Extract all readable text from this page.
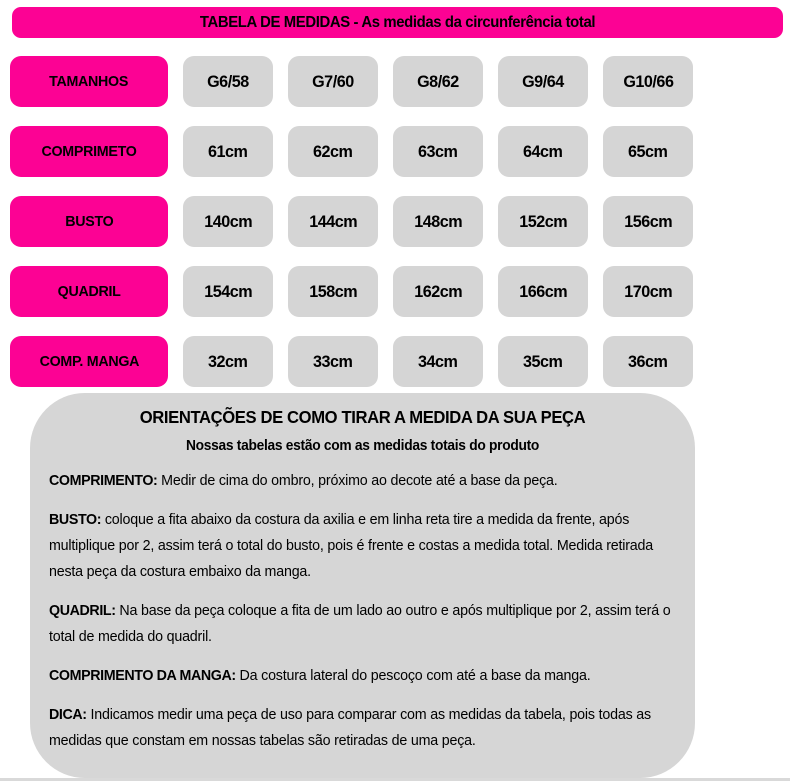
TABELA DE MEDIDAS - As medidas da circunferência total
TAMANHOS	G6/58	G7/60	G8/62	G9/64	G10/66
COMPRIMETO	61cm	62cm	63cm	64cm	65cm
BUSTO	140cm	144cm	148cm	152cm	156cm
QUADRIL	154cm	158cm	162cm	166cm	170cm
COMP. MANGA	32cm	33cm	34cm	35cm	36cm
ORIENTAÇÕES DE COMO TIRAR A MEDIDA DA SUA PEÇA
Nossas tabelas estão com as medidas totais do produto

COMPRIMENTO: Medir de cima do ombro, próximo ao decote até a base da peça.

BUSTO: coloque a fita abaixo da costura da axilia e em linha reta tire a medida da frente, após multiplique por 2, assim terá o total do busto, pois é frente e costas a medida total. Medida retirada nesta peça da costura embaixo da manga.

QUADRIL: Na base da peça coloque a fita de um lado ao outro e após multiplique por 2, assim terá o total de medida do quadril.

COMPRIMENTO DA MANGA: Da costura lateral do pescoço com até a base da manga.

DICA: Indicamos medir uma peça de uso para comparar com as medidas da tabela, pois todas as medidas que constam em nossas tabelas são retiradas de uma peça.
